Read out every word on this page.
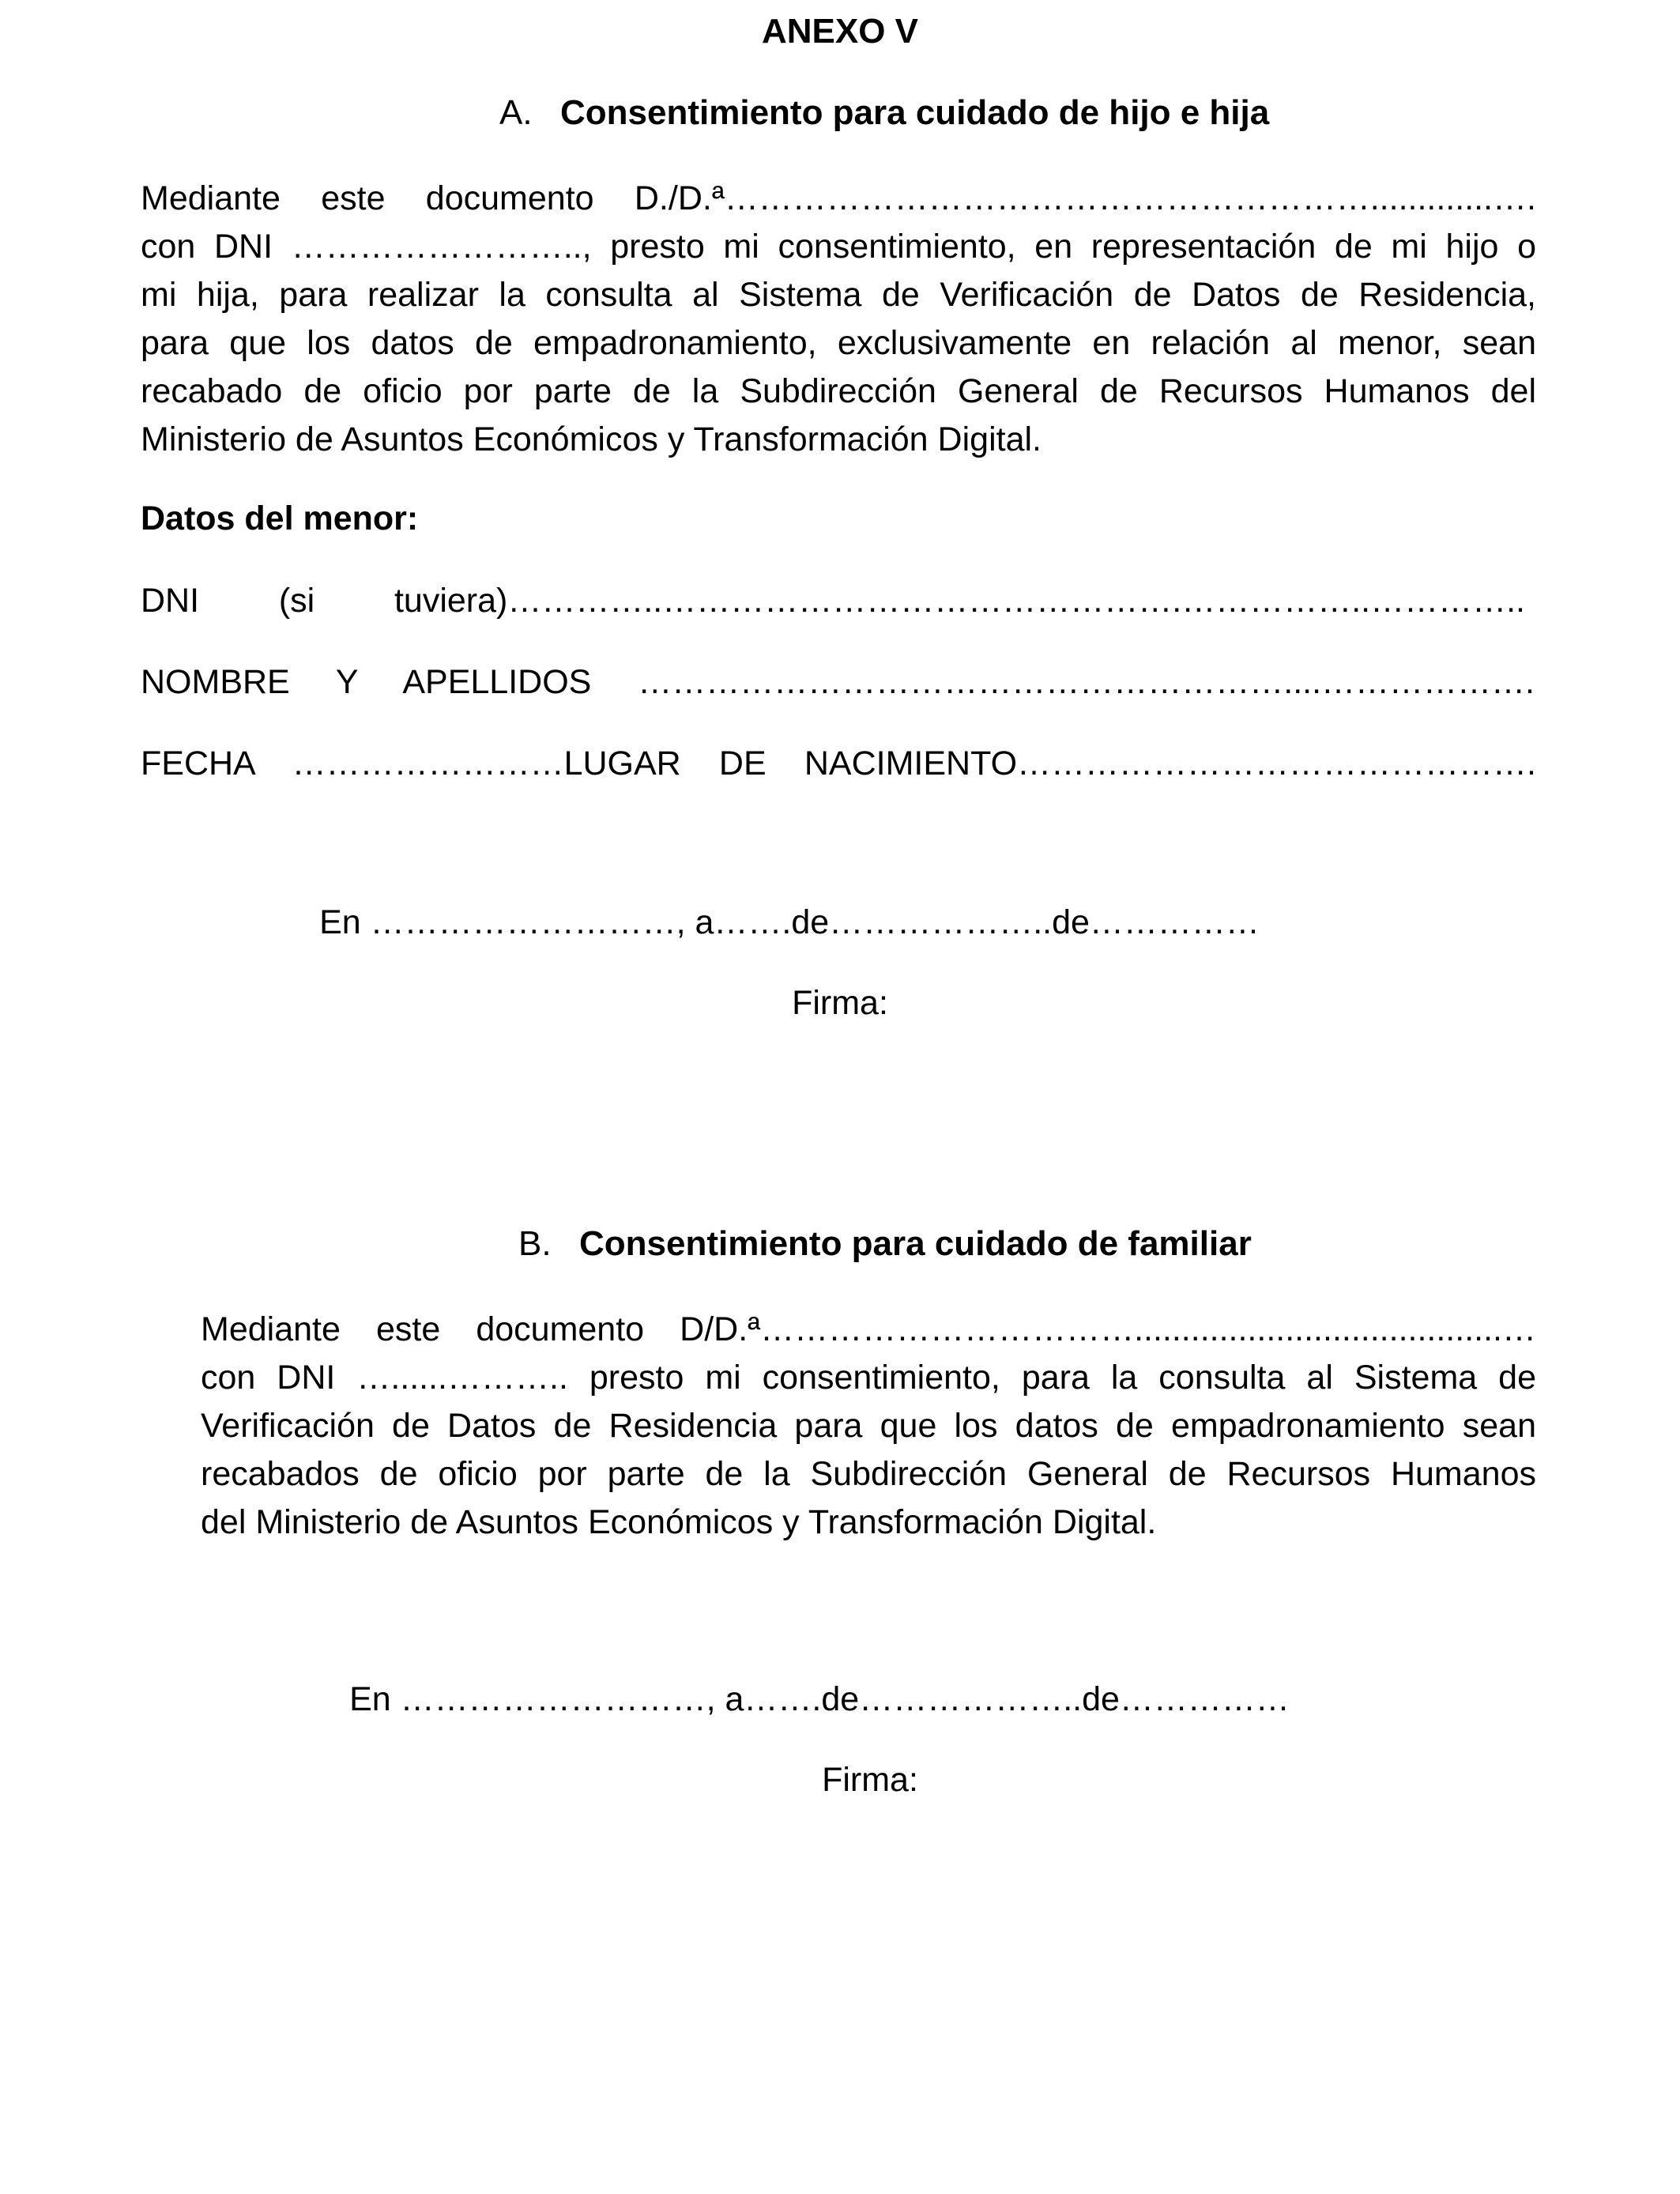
ANEXO V
A. Consentimiento para cuidado de hijo e hija
Mediante este documento D./D.ª………………………………………………….............….
con DNI …………………….., presto mi consentimiento, en representación de mi hijo o
mi hija, para realizar la consulta al Sistema de Verificación de Datos de Residencia,
para que los datos de empadronamiento, exclusivamente en relación al menor, sean
recabado de oficio por parte de la Subdirección General de Recursos Humanos del
Ministerio de Asuntos Económicos y Transformación Digital.
Datos del menor:
DNI (si tuviera)…………..……………………………………….……………..…………..
NOMBRE Y APELLIDOS …………………………………………………....……………….
FECHA ……………………LUGAR DE NACIMIENTO……………………………………….
En ………………………, a…….de………………..de……………
Firma:
B. Consentimiento para cuidado de familiar
Mediante este documento D/D.ª…………………………….......................................…
con DNI …......……….. presto mi consentimiento, para la consulta al Sistema de
Verificación de Datos de Residencia para que los datos de empadronamiento sean
recabados de oficio por parte de la Subdirección General de Recursos Humanos
del Ministerio de Asuntos Económicos y Transformación Digital.
En ………………………, a…….de………………..de……………
Firma:
